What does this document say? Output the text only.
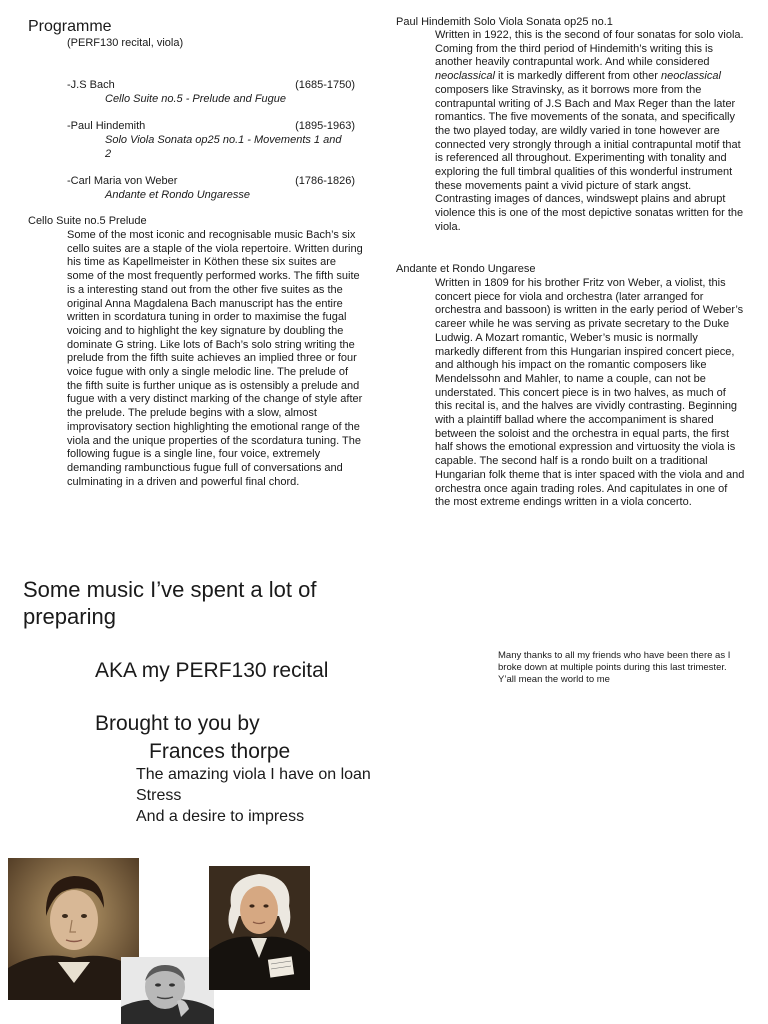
Programme
(PERF130 recital, viola)
-J.S Bach	(1685-1750)
Cello Suite no.5 - Prelude and Fugue
-Paul Hindemith	(1895-1963)
Solo Viola Sonata op25 no.1 - Movements 1 and 2
-Carl Maria von Weber	(1786-1826)
Andante et Rondo Ungaresse
Cello Suite no.5 Prelude

Some of the most iconic and recognisable music Bach’s six cello suites are a staple of the viola repertoire. Written during his time as Kapellmeister in Köthen these six suites are some of the most frequently performed works. The fifth suite is a interesting stand out from the other five suites as the original Anna Magdalena Bach manuscript has the entire written in scordatura tuning in order to maximise the fugal voicing and to highlight the key signature by doubling the dominate G string. Like lots of Bach’s solo string writing the prelude from the fifth suite achieves an implied three or four voice fugue with only a single melodic line. The prelude of the fifth suite is further unique as is ostensibly a prelude and fugue with a very distinct marking of the change of style after the prelude. The prelude begins with a slow, almost improvisatory section highlighting the emotional range of the viola and the unique properties of the scordatura tuning. The following fugue is a single line, four voice, extremely demanding rambunctious fugue full of conversations and culminating in a driven and powerful final chord.

Paul Hindemith Solo Viola Sonata op25 no.1

Written in 1922, this is the second of four sonatas for solo viola. Coming from the third period of Hindemith’s writing this is another heavily contrapuntal work. And while considered neoclassical it is markedly different from other neoclassical composers like Stravinsky, as it borrows more from the contrapuntal writing of J.S Bach and Max Reger than the later romantics. The five movements of the sonata, and specifically the two played today, are wildly varied in tone however are connected very strongly through a initial contrapuntal motif that is referenced all throughout. Experimenting with tonality and exploring the full timbral qualities of this wonderful instrument these movements paint a vivid picture of stark angst. Contrasting images of dances, windswept plains and abrupt violence this is one of the most depictive sonatas written for the viola.

Andante et Rondo Ungarese

Written in 1809 for his brother Fritz von Weber, a violist, this concert piece for viola and orchestra (later arranged for orchestra and bassoon) is written in the early period of Weber’s career while he was serving as private secretary to the Duke Ludwig. A Mozart romantic, Weber’s music is normally markedly different from this Hungarian inspired concert piece, and although his impact on the romantic composers like Mendelssohn and Mahler, to name a couple, can not be understated. This concert piece is in two halves, as much of this recital is, and the halves are vividly contrasting. Beginning with a plaintiff ballad where the accompaniment is shared between the soloist and the orchestra in equal parts, the first half shows the emotional expression and virtuosity the viola is capable. The second half is a rondo built on a traditional Hungarian folk theme that is inter spaced with the viola and and orchestra once again trading roles. And capitulates in one of the most extreme endings written in a viola concerto.

Some music I’ve spent a lot of preparing
AKA my PERF130 recital
Brought to you by
Frances thorpe
The amazing viola I have on loan
Stress
And a desire to impress
Many thanks to all my friends who have been there as I broke down at multiple points during this last trimester. Y’all mean the world to me
